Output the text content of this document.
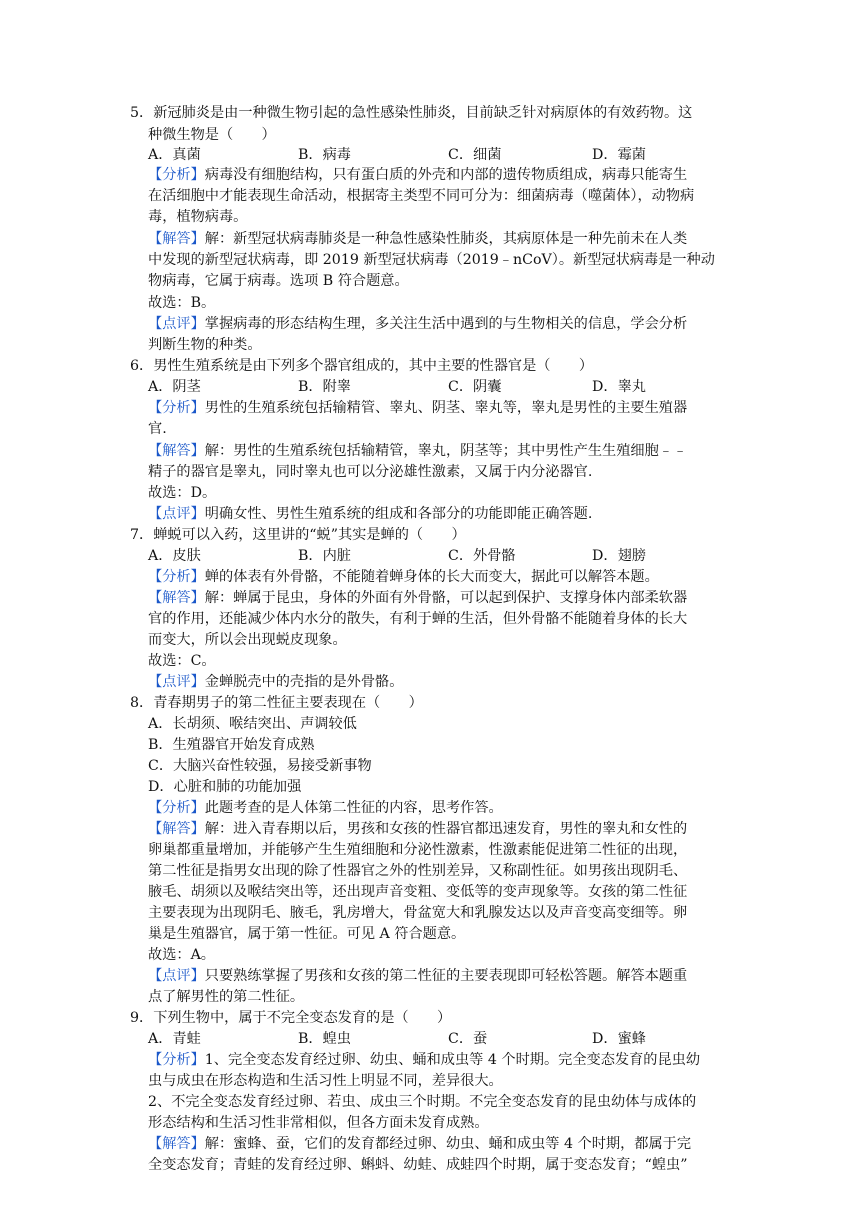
5．新冠肺炎是由一种微生物引起的急性感染性肺炎，目前缺乏针对病原体的有效药物。这
种微生物是（　　）
A．真菌	B．病毒	C．细菌	D．霉菌
【分析】病毒没有细胞结构，只有蛋白质的外壳和内部的遗传物质组成，病毒只能寄生
在活细胞中才能表现生命活动，根据寄主类型不同可分为：细菌病毒（噬菌体），动物病
毒，植物病毒。
【解答】解：新型冠状病毒肺炎是一种急性感染性肺炎，其病原体是一种先前未在人类
中发现的新型冠状病毒，即 2019 新型冠状病毒（2019﹣nCoV）。新型冠状病毒是一种动
物病毒，它属于病毒。选项 B 符合题意。
故选：B。
【点评】掌握病毒的形态结构生理，多关注生活中遇到的与生物相关的信息，学会分析
判断生物的种类。
6．男性生殖系统是由下列多个器官组成的，其中主要的性器官是（　　）
A．阴茎	B．附睾	C．阴囊	D．睾丸
【分析】男性的生殖系统包括输精管、睾丸、阴茎、睾丸等，睾丸是男性的主要生殖器
官.
【解答】解：男性的生殖系统包括输精管，睾丸，阴茎等；其中男性产生生殖细胞﹣﹣
精子的器官是睾丸，同时睾丸也可以分泌雄性激素，又属于内分泌器官.
故选：D。
【点评】明确女性、男性生殖系统的组成和各部分的功能即能正确答题.
7．蝉蜕可以入药，这里讲的“蜕”其实是蝉的（　　）
A．皮肤	B．内脏	C．外骨骼	D．翅膀
【分析】蝉的体表有外骨骼，不能随着蝉身体的长大而变大，据此可以解答本题。
【解答】解：蝉属于昆虫，身体的外面有外骨骼，可以起到保护、支撑身体内部柔软器
官的作用，还能减少体内水分的散失，有利于蝉的生活，但外骨骼不能随着身体的长大
而变大，所以会出现蜕皮现象。
故选：C。
【点评】金蝉脱壳中的壳指的是外骨骼。
8．青春期男子的第二性征主要表现在（　　）
A．长胡须、喉结突出、声调较低
B．生殖器官开始发育成熟
C．大脑兴奋性较强，易接受新事物
D．心脏和肺的功能加强
【分析】此题考查的是人体第二性征的内容，思考作答。
【解答】解：进入青春期以后，男孩和女孩的性器官都迅速发育，男性的睾丸和女性的
卵巢都重量增加，并能够产生生殖细胞和分泌性激素，性激素能促进第二性征的出现，
第二性征是指男女出现的除了性器官之外的性别差异，又称副性征。如男孩出现阴毛、
腋毛、胡须以及喉结突出等，还出现声音变粗、变低等的变声现象等。女孩的第二性征
主要表现为出现阴毛、腋毛，乳房增大，骨盆宽大和乳腺发达以及声音变高变细等。卵
巢是生殖器官，属于第一性征。可见 A 符合题意。
故选：A。
【点评】只要熟练掌握了男孩和女孩的第二性征的主要表现即可轻松答题。解答本题重
点了解男性的第二性征。
9．下列生物中，属于不完全变态发育的是（　　）
A．青蛙	B．蝗虫	C．蚕	D．蜜蜂
【分析】1、完全变态发育经过卵、幼虫、蛹和成虫等 4 个时期。完全变态发育的昆虫幼
虫与成虫在形态构造和生活习性上明显不同，差异很大。
2、不完全变态发育经过卵、若虫、成虫三个时期。不完全变态发育的昆虫幼体与成体的
形态结构和生活习性非常相似，但各方面未发育成熟。
【解答】解：蜜蜂、蚕，它们的发育都经过卵、幼虫、蛹和成虫等 4 个时期，都属于完
全变态发育；青蛙的发育经过卵、蝌蚪、幼蛙、成蛙四个时期，属于变态发育；“蝗虫”
